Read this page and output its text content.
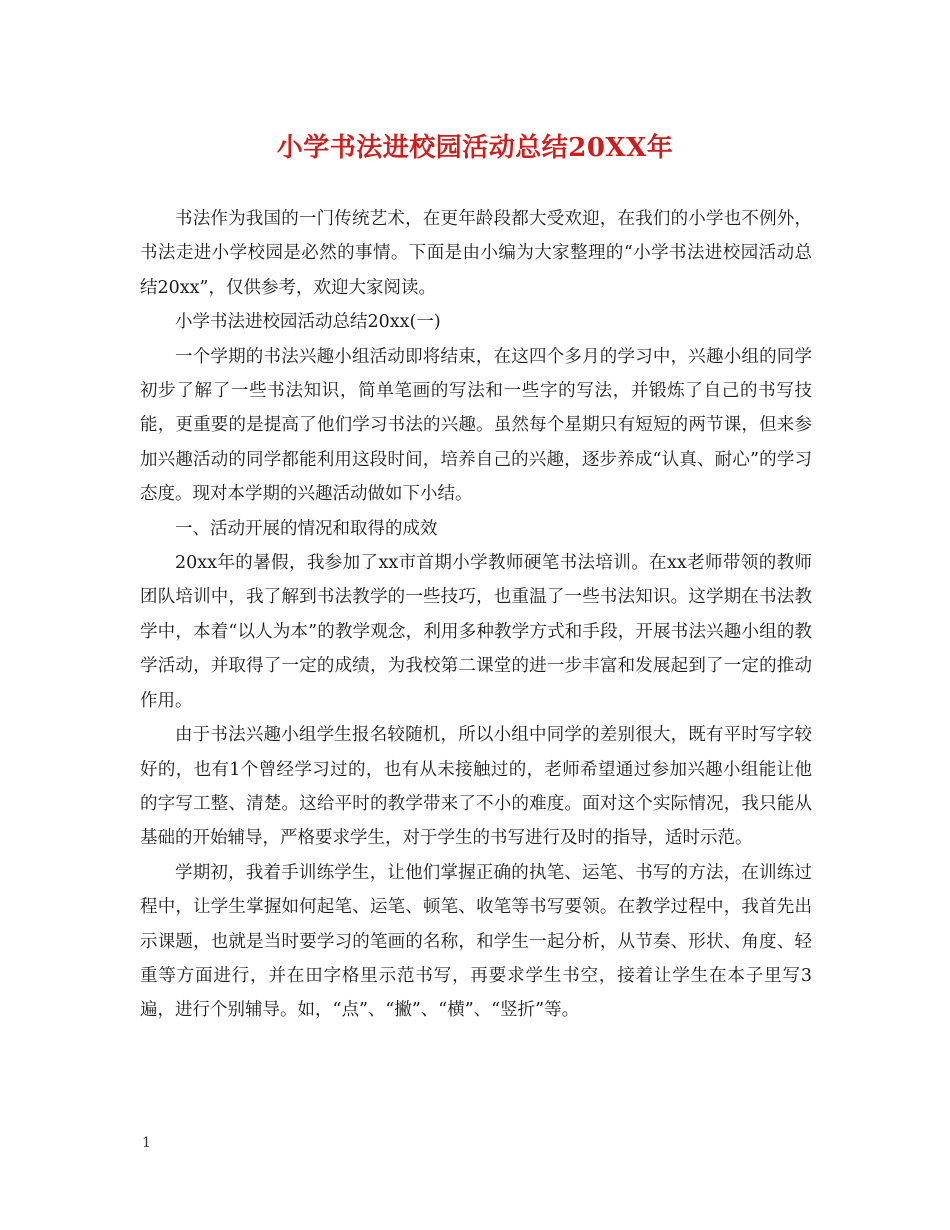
小学书法进校园活动总结20XX年

书法作为我国的一门传统艺术，在更年龄段都大受欢迎，在我们的小学也不例外，书法走进小学校园是必然的事情。下面是由小编为大家整理的“小学书法进校园活动总结20xx”，仅供参考，欢迎大家阅读。

小学书法进校园活动总结20xx(一)

一个学期的书法兴趣小组活动即将结束，在这四个多月的学习中，兴趣小组的同学初步了解了一些书法知识，简单笔画的写法和一些字的写法，并锻炼了自己的书写技能，更重要的是提高了他们学习书法的兴趣。虽然每个星期只有短短的两节课，但来参加兴趣活动的同学都能利用这段时间，培养自己的兴趣，逐步养成“认真、耐心”的学习态度。现对本学期的兴趣活动做如下小结。

一、活动开展的情况和取得的成效

20xx年的暑假，我参加了xx市首期小学教师硬笔书法培训。在xx老师带领的教师团队培训中，我了解到书法教学的一些技巧，也重温了一些书法知识。这学期在书法教学中，本着“以人为本”的教学观念，利用多种教学方式和手段，开展书法兴趣小组的教学活动，并取得了一定的成绩，为我校第二课堂的进一步丰富和发展起到了一定的推动作用。

由于书法兴趣小组学生报名较随机，所以小组中同学的差别很大，既有平时写字较好的，也有1个曾经学习过的，也有从未接触过的，老师希望通过参加兴趣小组能让他的字写工整、清楚。这给平时的教学带来了不小的难度。面对这个实际情况，我只能从基础的开始辅导，严格要求学生，对于学生的书写进行及时的指导，适时示范。

学期初，我着手训练学生，让他们掌握正确的执笔、运笔、书写的方法，在训练过程中，让学生掌握如何起笔、运笔、顿笔、收笔等书写要领。在教学过程中，我首先出示课题，也就是当时要学习的笔画的名称，和学生一起分析，从节奏、形状、角度、轻重等方面进行，并在田字格里示范书写，再要求学生书空，接着让学生在本子里写3遍，进行个别辅导。如，“点”、“撇”、“横”、“竖折”等。

1
